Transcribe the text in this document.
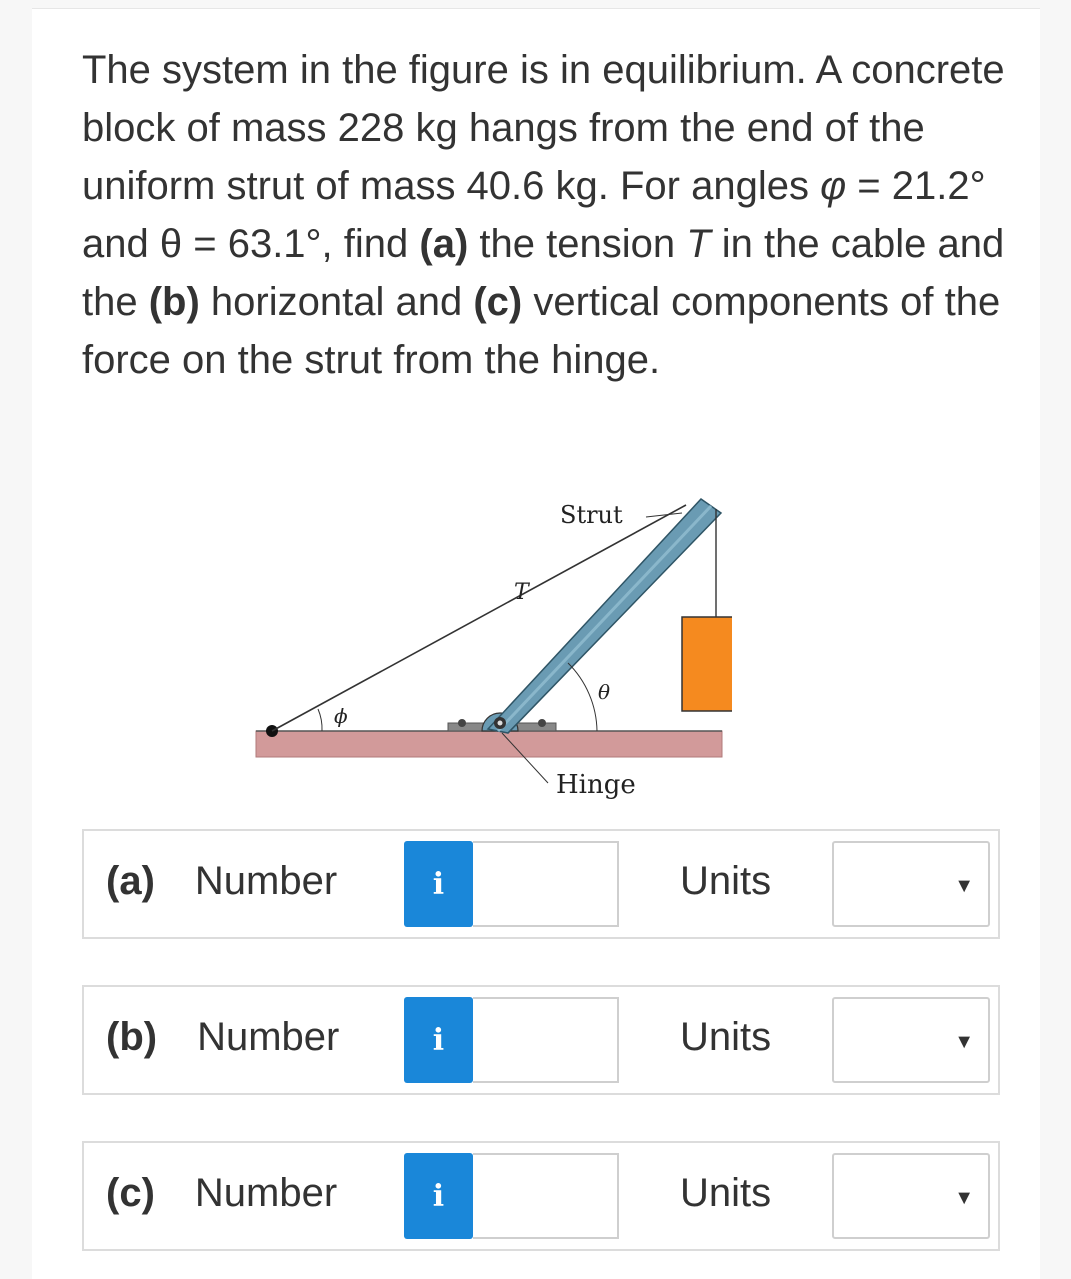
The system in the figure is in equilibrium. A concrete block of mass 228 kg hangs from the end of the uniform strut of mass 40.6 kg. For angles φ = 21.2° and θ = 63.1°, find (a) the tension T in the cable and the (b) horizontal and (c) vertical components of the force on the strut from the hinge.
ϕ
θ
Strut
T
Hinge
(a) Number	i	Units	▼
(b) Number	i	Units	▼
(c) Number	i	Units	▼
